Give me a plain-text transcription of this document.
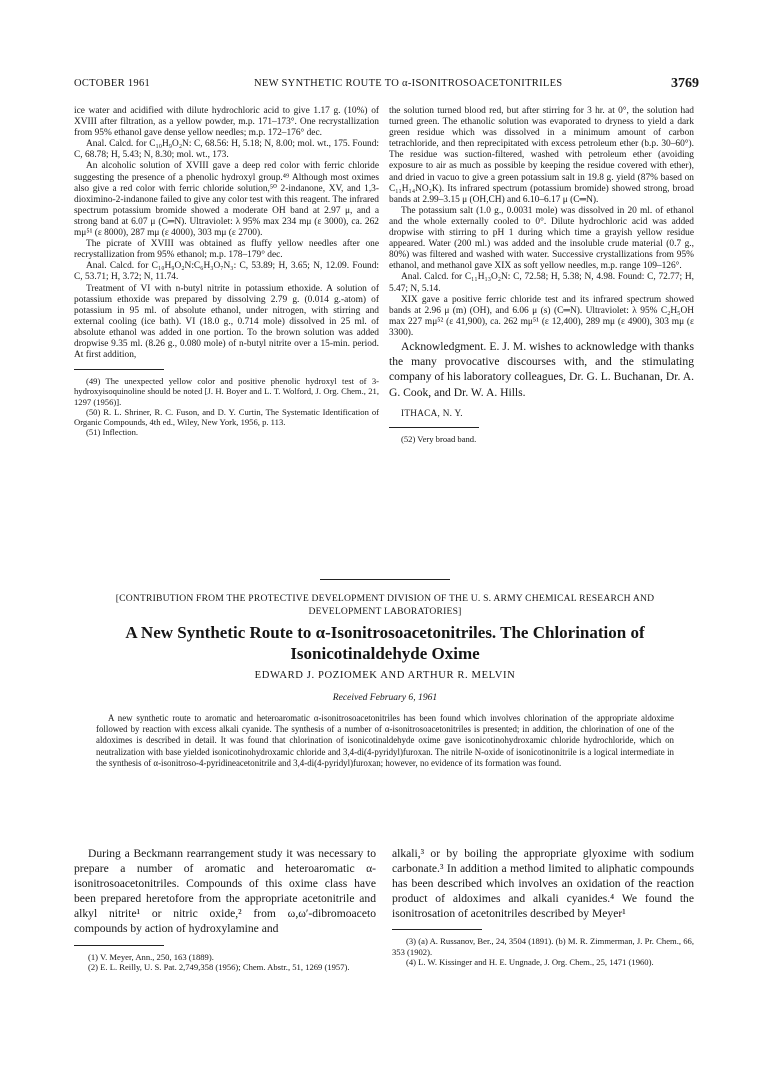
OCTOBER 1961	NEW SYNTHETIC ROUTE TO α-ISONITROSOACETONITRILES	3769

ice water and acidified with dilute hydrochloric acid to give 1.17 g. (10%) of XVIII after filtration, as a yellow powder, m.p. 171–173°. One recrystallization from 95% ethanol gave dense yellow needles; m.p. 172–176° dec.

Anal. Calcd. for C₁₀H₉O₂N: C, 68.56: H, 5.18; N, 8.00; mol. wt., 175. Found: C, 68.78; H, 5.43; N, 8.30; mol. wt., 173.

An alcoholic solution of XVIII gave a deep red color with ferric chloride suggesting the presence of a phenolic hydroxyl group.⁴⁹ Although most oximes also give a red color with ferric chloride solution,⁵⁰ 2-indanone, XV, and 1,3-dioximino-2-indanone failed to give any color test with this reagent. The infrared spectrum potassium bromide showed a moderate OH band at 2.97 μ, and a strong band at 6.07 μ (C═N). Ultraviolet: λ 95% max 234 mμ (ε 3000), ca. 262 mμ⁵¹ (ε 8000), 287 mμ (ε 4000), 303 mμ (ε 2700).

The picrate of XVIII was obtained as fluffy yellow needles after one recrystallization from 95% ethanol; m.p. 178–179° dec.

Anal. Calcd. for C₁₀H₉O₂N:C₆H₃O₇N₃: C, 53.89; H, 3.65; N, 12.09. Found: C, 53.71; H, 3.72; N, 11.74.

Treatment of VI with n-butyl nitrite in potassium ethoxide. A solution of potassium ethoxide was prepared by dissolving 2.79 g. (0.014 g.-atom) of potassium in 95 ml. of absolute ethanol, under nitrogen, with stirring and external cooling (ice bath). VI (18.0 g., 0.714 mole) dissolved in 25 ml. of absolute ethanol was added in one portion. To the brown solution was added dropwise 9.35 ml. (8.26 g., 0.080 mole) of n-butyl nitrite over a 15-min. period. At first addition,

(49) The unexpected yellow color and positive phenolic hydroxyl test of 3-hydroxyisoquinoline should be noted [J. H. Boyer and L. T. Wolford, J. Org. Chem., 21, 1297 (1956)].

(50) R. L. Shriner, R. C. Fuson, and D. Y. Curtin, The Systematic Identification of Organic Compounds, 4th ed., Wiley, New York, 1956, p. 113.

(51) Inflection.

the solution turned blood red, but after stirring for 3 hr. at 0°, the solution had turned green. The ethanolic solution was evaporated to dryness to yield a dark green residue which was dissolved in a minimum amount of carbon tetrachloride, and then reprecipitated with excess petroleum ether (b.p. 30–60°). The residue was suction-filtered, washed with petroleum ether (avoiding exposure to air as much as possible by keeping the residue covered with ether), and dried in vacuo to give a green potassium salt in 19.8 g. yield (87% based on C₁₁H₁₄NO₂K). Its infrared spectrum (potassium bromide) showed strong, broad bands at 2.99–3.15 μ (OH,CH) and 6.10–6.17 μ (C═N).

The potassium salt (1.0 g., 0.0031 mole) was dissolved in 20 ml. of ethanol and the whole externally cooled to 0°. Dilute hydrochloric acid was added dropwise with stirring to pH 1 during which time a grayish yellow residue appeared. Water (200 ml.) was added and the insoluble crude material (0.7 g., 80%) was filtered and washed with water. Successive crystallizations from 95% ethanol, and methanol gave XIX as soft yellow needles, m.p. range 109–126°.

Anal. Calcd. for C₁₁H₁₃O₂N: C, 72.58; H, 5.38; N, 4.98. Found: C, 72.77; H, 5.47; N, 5.14.

XIX gave a positive ferric chloride test and its infrared spectrum showed bands at 2.96 μ (m) (OH), and 6.06 μ (s) (C═N). Ultraviolet: λ 95% C₂H₅OH max 227 mμ⁵² (ε 41,900), ca. 262 mμ⁵¹ (ε 12,400), 289 mμ (ε 4900), 303 mμ (ε 3300).

Acknowledgment. E. J. M. wishes to acknowledge with thanks the many provocative discourses with, and the stimulating company of his laboratory colleagues, Dr. G. L. Buchanan, Dr. A. G. Cook, and Dr. W. A. Hills.

ITHACA, N. Y.

(52) Very broad band.

[CONTRIBUTION FROM THE PROTECTIVE DEVELOPMENT DIVISION OF THE U. S. ARMY CHEMICAL RESEARCH AND DEVELOPMENT LABORATORIES]
A New Synthetic Route to α-Isonitrosoacetonitriles. The Chlorination of Isonicotinaldehyde Oxime
EDWARD J. POZIOMEK AND ARTHUR R. MELVIN
Received February 6, 1961

A new synthetic route to aromatic and heteroaromatic α-isonitrosoacetonitriles has been found which involves chlorination of the appropriate aldoxime followed by reaction with excess alkali cyanide. The synthesis of a number of α-isonitrosoacetonitriles is presented; in addition, the chlorination of one of the aldoximes is described in detail. It was found that chlorination of isonicotinaldehyde oxime gave isonicotinohydroxamic chloride hydrochloride, which on neutralization with base yielded isonicotinohydroxamic chloride and 3,4-di(4-pyridyl)furoxan. The nitrile N-oxide of isonicotinonitrile is a logical intermediate in the synthesis of α-isonitroso-4-pyridineacetonitrile and 3,4-di(4-pyridyl)furoxan; however, no evidence of its formation was found.

During a Beckmann rearrangement study it was necessary to prepare a number of aromatic and heteroaromatic α-isonitrosoacetonitriles. Compounds of this oxime class have been prepared heretofore from the appropriate acetonitrile and alkyl nitrite¹ or nitric oxide,² from ω,ω′-dibromoaceto compounds by action of hydroxylamine and

(1) V. Meyer, Ann., 250, 163 (1889).

(2) E. L. Reilly, U. S. Pat. 2,749,358 (1956); Chem. Abstr., 51, 1269 (1957).

alkali,³ or by boiling the appropriate glyoxime with sodium carbonate.³ In addition a method limited to aliphatic compounds has been described which involves an oxidation of the reaction product of aldoximes and alkali cyanides.⁴ We found the isonitrosation of acetonitriles described by Meyer¹

(3) (a) A. Russanov, Ber., 24, 3504 (1891). (b) M. R. Zimmerman, J. Pr. Chem., 66, 353 (1902).

(4) L. W. Kissinger and H. E. Ungnade, J. Org. Chem., 25, 1471 (1960).
